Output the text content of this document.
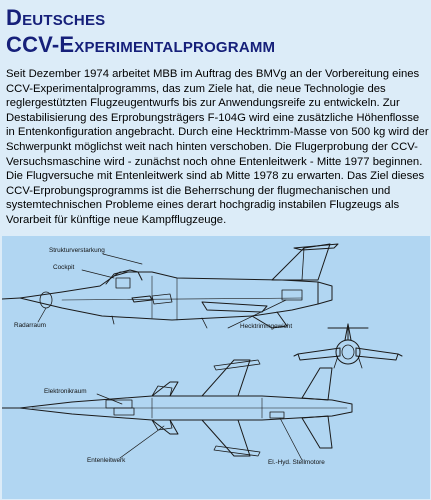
Deutsches
CCV-Experimentalprogramm
Seit Dezember 1974 arbeitet MBB im Auftrag des BMVg an der Vorbereitung eines CCV-Experimentalprogramms, das zum Ziele hat, die neue Technologie des reglergestützten Flugzeugentwurfs bis zur Anwendungsreife zu entwickeln. Zur Destabilisierung des Erprobungsträgers F-104G wird eine zusätzliche Höhenflosse in Entenkonfiguration angebracht. Durch eine Hecktrimm-Masse von 500 kg wird der Schwerpunkt möglichst weit nach hinten verschoben. Die Flugerprobung der CCV-Versuchsmaschine wird - zunächst noch ohne Entenleitwerk - Mitte 1977 beginnen. Die Flugversuche mit Entenleitwerk sind ab Mitte 1978 zu erwarten. Das Ziel dieses CCV-Erprobungsprogramms ist die Beherrschung der flugmechanischen und systemtechnischen Probleme eines derart hochgradig instabilen Flugzeugs als Vorarbeit für künftige neue Kampfflugzeuge.
Strukturverstarkung
Cockpit
Radarraum	Hecktrimmgewicht
Elektronikraum
Entenleitwerk	El.-Hyd. Stellmotore
